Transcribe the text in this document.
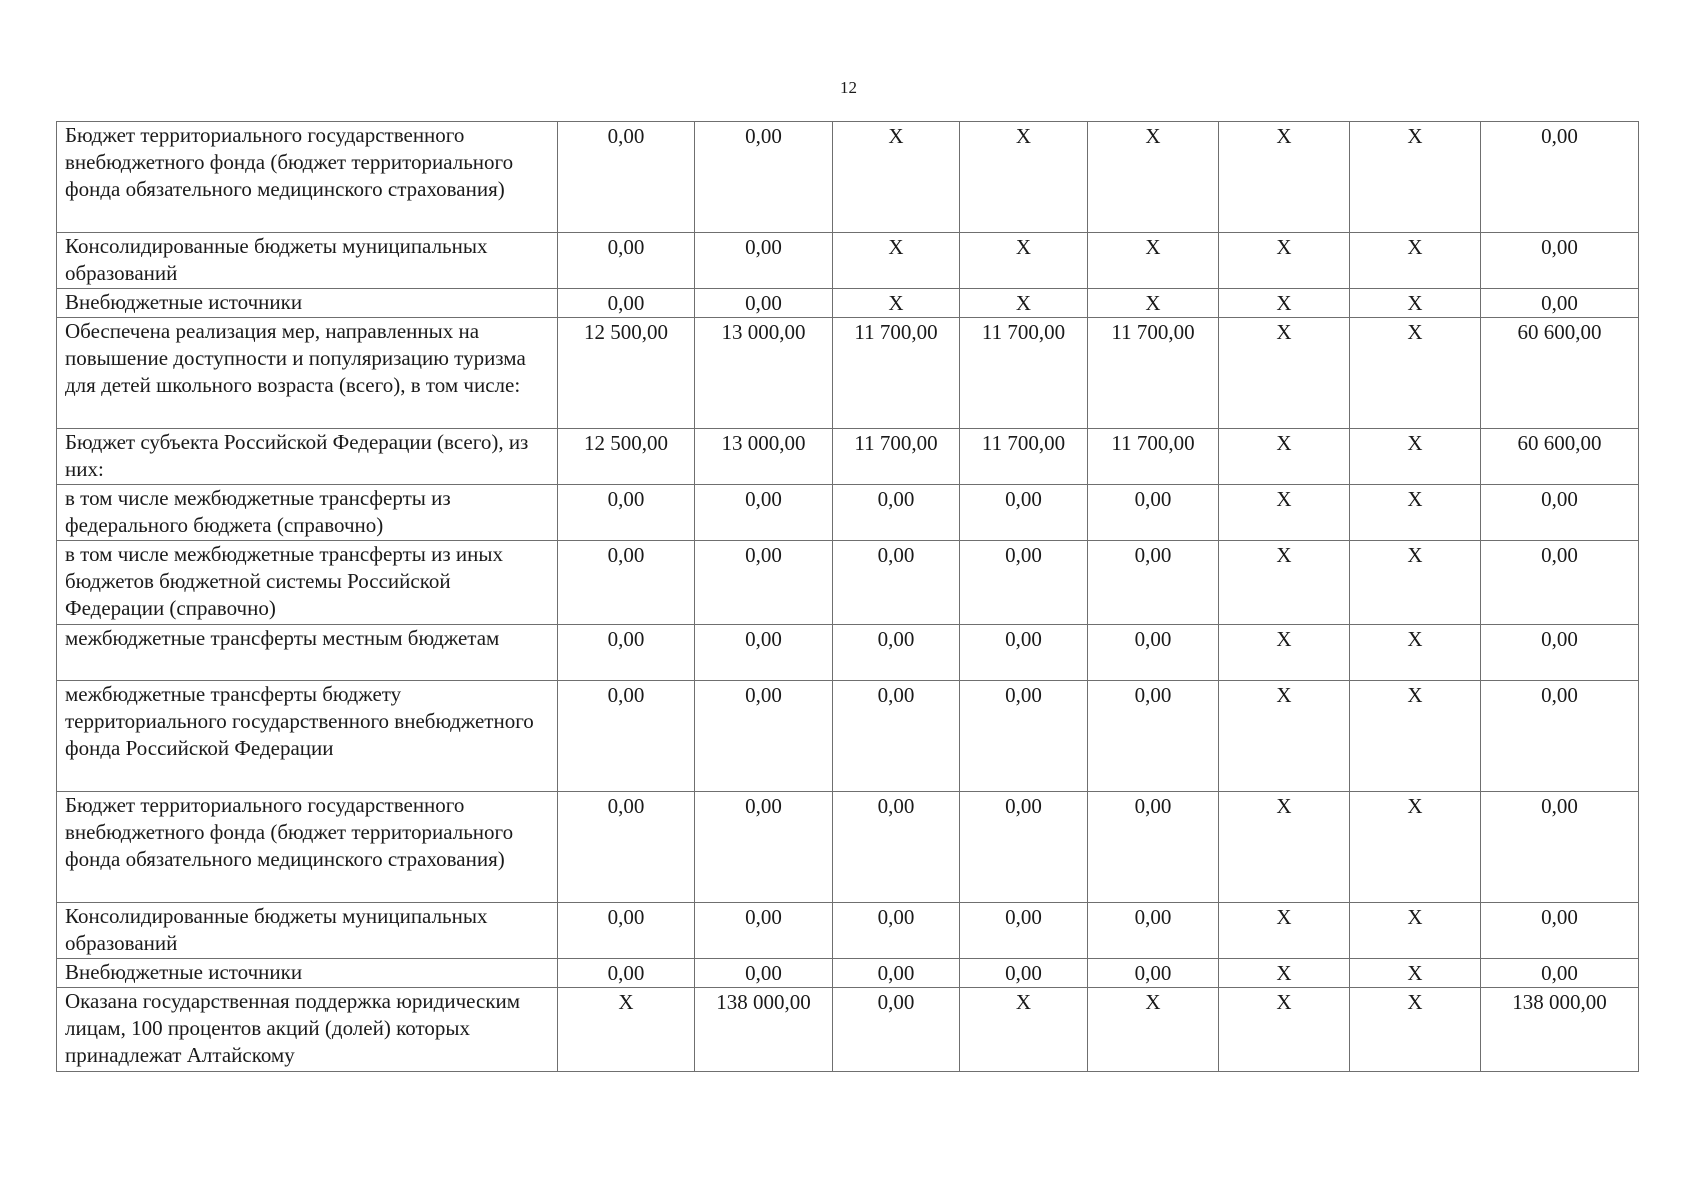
12
Бюджет территориального государственного внебюджетного фонда (бюджет территориального фонда обязательного медицинского страхования)	0,00	0,00	X	X	X	X	X	0,00

Консолидированные бюджеты муниципальных образований	0,00	0,00	X	X	X	X	X	0,00

Внебюджетные источники	0,00	0,00	X	X	X	X	X	0,00

Обеспечена реализация мер, направленных на повышение доступности и популяризацию туризма для детей школьного возраста (всего), в том числе:	12 500,00	13 000,00	11 700,00	11 700,00	11 700,00	X	X	60 600,00

Бюджет субъекта Российской Федерации (всего), из них:	12 500,00	13 000,00	11 700,00	11 700,00	11 700,00	X	X	60 600,00

в том числе межбюджетные трансферты из федерального бюджета (справочно)	0,00	0,00	0,00	0,00	0,00	X	X	0,00

в том числе межбюджетные трансферты из иных бюджетов бюджетной системы Российской Федерации (справочно)	0,00	0,00	0,00	0,00	0,00	X	X	0,00

межбюджетные трансферты местным бюджетам	0,00	0,00	0,00	0,00	0,00	X	X	0,00

межбюджетные трансферты бюджету территориального государственного внебюджетного фонда Российской Федерации	0,00	0,00	0,00	0,00	0,00	X	X	0,00

Бюджет территориального государственного внебюджетного фонда (бюджет территориального фонда обязательного медицинского страхования)	0,00	0,00	0,00	0,00	0,00	X	X	0,00

Консолидированные бюджеты муниципальных образований	0,00	0,00	0,00	0,00	0,00	X	X	0,00

Внебюджетные источники	0,00	0,00	0,00	0,00	0,00	X	X	0,00

Оказана государственная поддержка юридическим лицам, 100 процентов акций (долей) которых принадлежат Алтайскому	X	138 000,00	0,00	X	X	X	X	138 000,00
